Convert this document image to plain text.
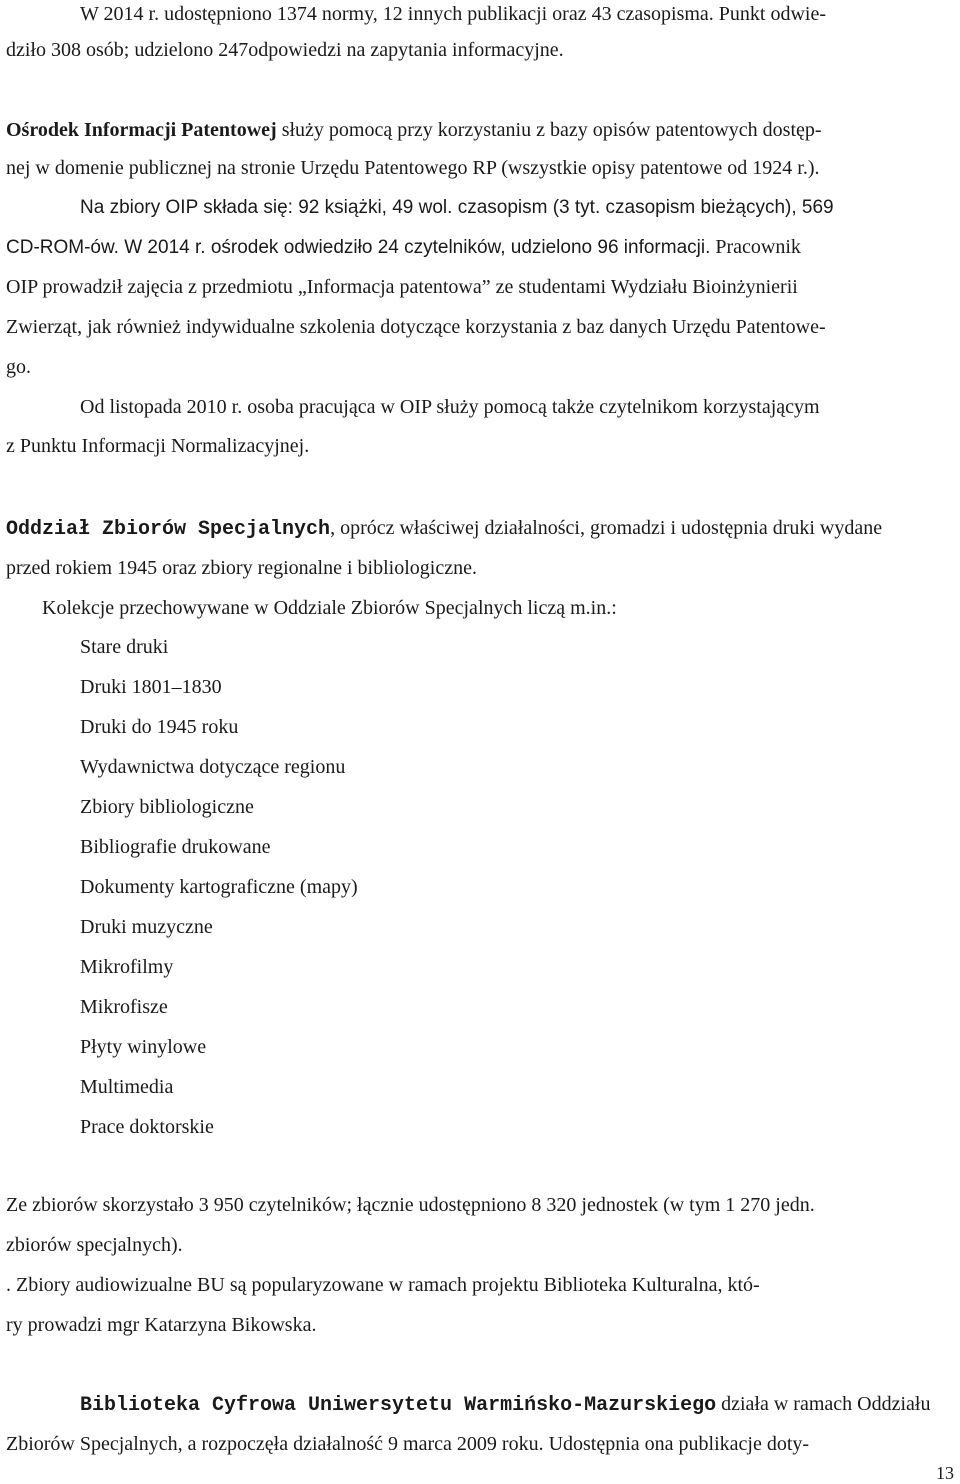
W 2014 r. udostępniono 1374 normy, 12 innych publikacji oraz 43 czasopisma. Punkt odwie-
dziło 308 osób; udzielono 247odpowiedzi na zapytania informacyjne.
Ośrodek Informacji Patentowej służy pomocą przy korzystaniu z bazy opisów patentowych dostęp-
nej w domenie publicznej na stronie Urzędu Patentowego RP (wszystkie opisy patentowe od 1924 r.).
Na zbiory OIP składa się: 92 książki, 49 wol. czasopism (3 tyt. czasopism bieżących), 569
CD-ROM-ów. W 2014 r. ośrodek odwiedziło 24 czytelników, udzielono 96 informacji. Pracownik
OIP prowadził zajęcia z przedmiotu „Informacja patentowa” ze studentami Wydziału Bioinżynierii
Zwierząt, jak również indywidualne szkolenia dotyczące korzystania z baz danych Urzędu Patentowe-
go.
Od listopada 2010 r. osoba pracująca w OIP służy pomocą także czytelnikom korzystającym
z Punktu Informacji Normalizacyjnej.
Oddział Zbiorów Specjalnych, oprócz właściwej działalności, gromadzi i udostępnia druki wydane
przed rokiem 1945 oraz zbiory regionalne i bibliologiczne.
Kolekcje przechowywane w Oddziale Zbiorów Specjalnych liczą m.in.:
Stare druki
Druki 1801–1830
Druki do 1945 roku
Wydawnictwa dotyczące regionu
Zbiory bibliologiczne
Bibliografie drukowane
Dokumenty kartograficzne (mapy)
Druki muzyczne
Mikrofilmy
Mikrofisze
Płyty winylowe
Multimedia
Prace doktorskie
Ze zbiorów skorzystało 3 950 czytelników; łącznie udostępniono 8 320 jednostek (w tym 1 270 jedn.
zbiorów specjalnych).
. Zbiory audiowizualne BU są popularyzowane w ramach projektu Biblioteka Kulturalna, któ-
ry prowadzi mgr Katarzyna Bikowska.
Biblioteka Cyfrowa Uniwersytetu Warmińsko-Mazurskiego działa w ramach Oddziału
Zbiorów Specjalnych, a rozpoczęła działalność 9 marca 2009 roku. Udostępnia ona publikacje doty-
13
